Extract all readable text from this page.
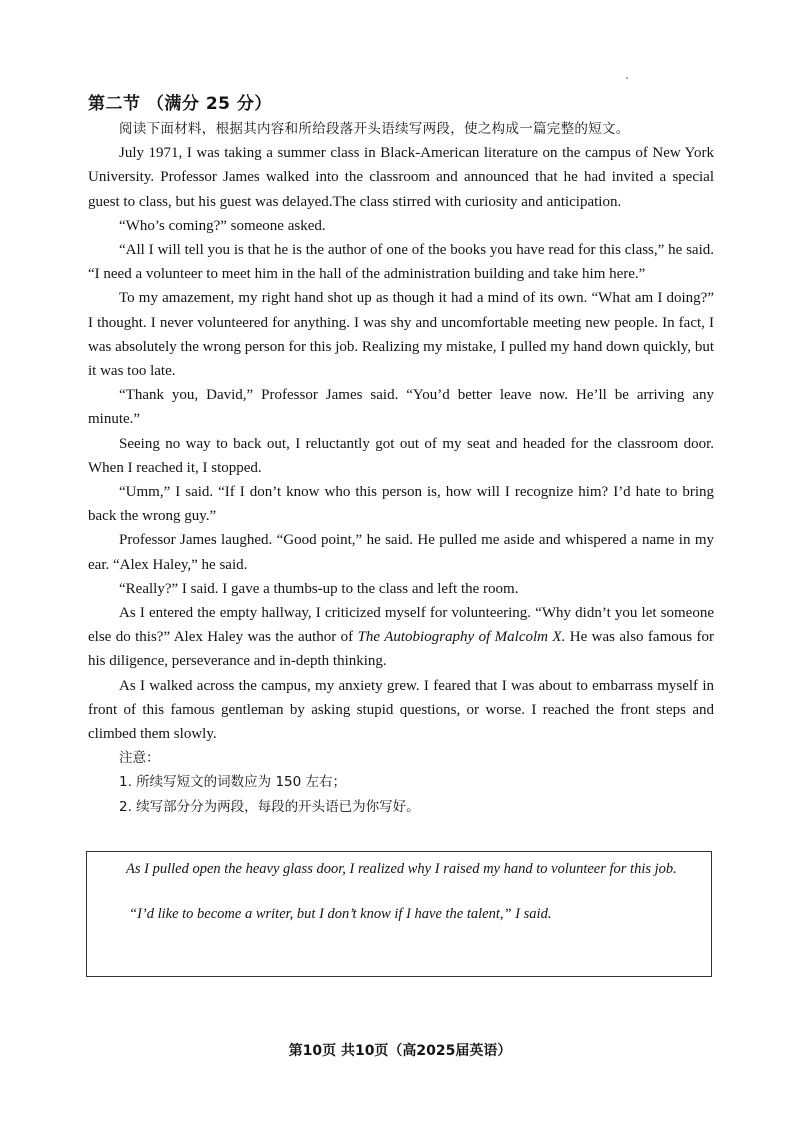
第二节 （满分 25 分）

阅读下面材料，根据其内容和所给段落开头语续写两段，使之构成一篇完整的短文。

July 1971, I was taking a summer class in Black-American literature on the campus of New York University. Professor James walked into the classroom and announced that he had invited a special guest to class, but his guest was delayed.The class stirred with curiosity and anticipation.

“Who’s coming?” someone asked.

“All I will tell you is that he is the author of one of the books you have read for this class,” he said. “I need a volunteer to meet him in the hall of the administration building and take him here.”

To my amazement, my right hand shot up as though it had a mind of its own. “What am I doing?” I thought. I never volunteered for anything. I was shy and uncomfortable meeting new people. In fact, I was absolutely the wrong person for this job. Realizing my mistake, I pulled my hand down quickly, but it was too late.

“Thank you, David,” Professor James said. “You’d better leave now. He’ll be arriving any minute.”

Seeing no way to back out, I reluctantly got out of my seat and headed for the classroom door. When I reached it, I stopped.

“Umm,” I said. “If I don’t know who this person is, how will I recognize him? I’d hate to bring back the wrong guy.”

Professor James laughed. “Good point,” he said. He pulled me aside and whispered a name in my ear. “Alex Haley,” he said.

“Really?” I said. I gave a thumbs-up to the class and left the room.

As I entered the empty hallway, I criticized myself for volunteering. “Why didn’t you let someone else do this?” Alex Haley was the author of The Autobiography of Malcolm X. He was also famous for his diligence, perseverance and in-depth thinking.

As I walked across the campus, my anxiety grew. I feared that I was about to embarrass myself in front of this famous gentleman by asking stupid questions, or worse. I reached the front steps and climbed them slowly.

注意：

1. 所续写短文的词数应为 150 左右；

2. 续写部分分为两段，每段的开头语已为你写好。

As I pulled open the heavy glass door, I realized why I raised my hand to volunteer for this job.

“I’d like to become a writer, but I don’t know if I have the talent,” I said.

第10页 共10页（高2025届英语）
